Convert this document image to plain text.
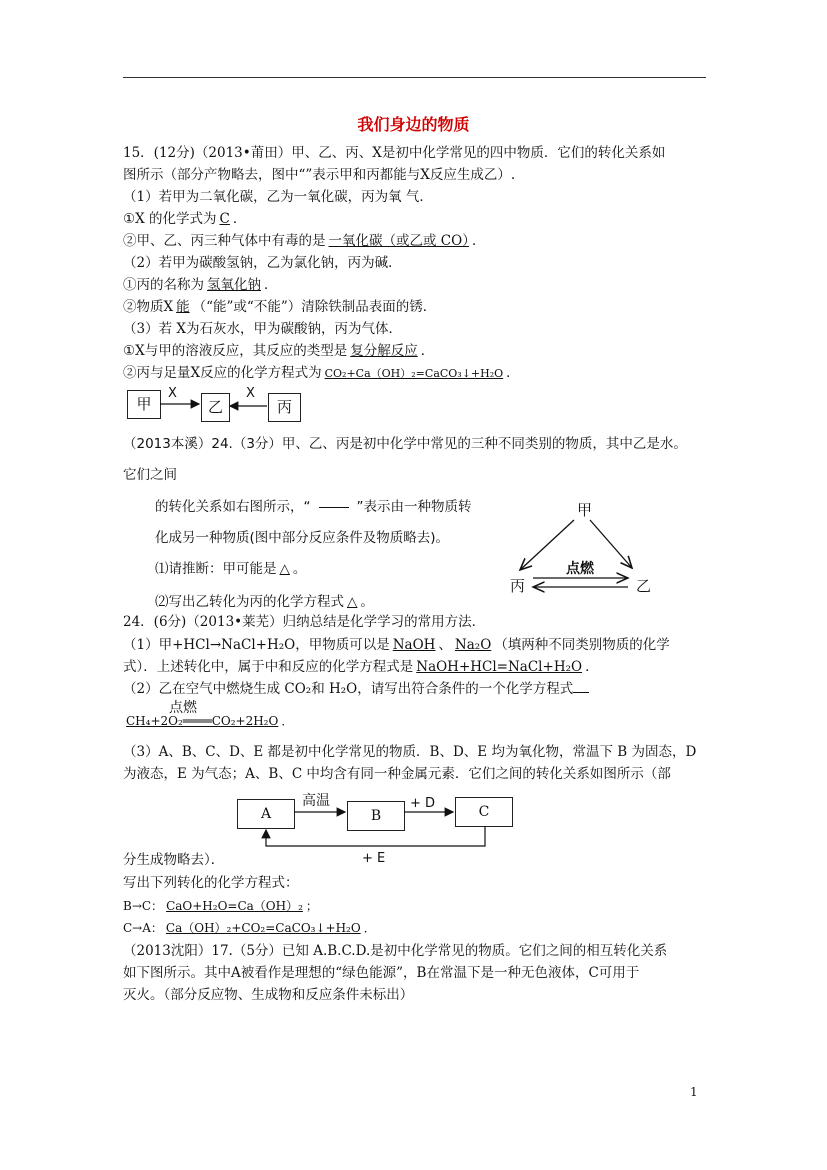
我们身边的物质
15．(12分)（2013•莆田）甲、乙、丙、X是初中化学常见的四中物质．它们的转化关系如
图所示（部分产物略去，图中“”表示甲和丙都能与X反应生成乙）.
（1）若甲为二氧化碳，乙为一氧化碳，丙为氧 气．
①X 的化学式为 C ．
②甲、乙、丙三种气体中有毒的是 一氧化碳（或乙或 CO） ．
（2）若甲为碳酸氢钠，乙为氯化钠，丙为碱．
①丙的名称为 氢氧化钠 ．
②物质X 能 （“能”或“不能”）清除铁制品表面的锈．
（3）若 X为石灰水，甲为碳酸钠，丙为气体．
①X与甲的溶液反应，其反应的类型是 复分解反应 ．
②丙与足量X反应的化学方程式为 CO₂+Ca（OH）₂=CaCO₃↓+H₂O ．
甲	乙	丙
X	X
（2013本溪）24.（3分）甲、乙、丙是初中化学中常见的三种不同类别的物质，其中乙是水。
它们之间
的转化关系如右图所示，“	”表示由一种物质转
化成另一种物质(图中部分反应条件及物质略去)。
⑴请推断：甲可能是 △ 。
⑵写出乙转化为丙的化学方程式 △ 。
甲
丙	乙
点燃
24．(6分)（2013•莱芜）归纳总结是化学学习的常用方法．
（1）甲+HCl→NaCl+H₂O，甲物质可以是 NaOH 、 Na₂O （填两种不同类别物质的化学
式）．上述转化中，属于中和反应的化学方程式是 NaOH+HCl=NaCl+H₂O ．
（2）乙在空气中燃烧生成 CO₂和 H₂O，请写出符合条件的一个化学方程式
点燃
CH₄+2O₂════CO₂+2H₂O ．
（3）A、B、C、D、E 都是初中化学常见的物质．B、D、E 均为氧化物，常温下 B 为固态，D
为液态，E 为气态；A、B、C 中均含有同一种金属元素．它们之间的转化关系如图所示（部
A	B	C
高温	+ D
+ E
分生成物略去）．
写出下列转化的化学方程式：
B→C： CaO+H₂O=Ca（OH）₂ ；
C→A： Ca（OH）₂+CO₂=CaCO₃↓+H₂O ．
（2013沈阳）17.（5分）已知 A.B.C.D.是初中化学常见的物质。它们之间的相互转化关系
如下图所示。其中A被看作是理想的“绿色能源”，B在常温下是一种无色液体，C可用于
灭火。（部分反应物、生成物和反应条件未标出）
1
